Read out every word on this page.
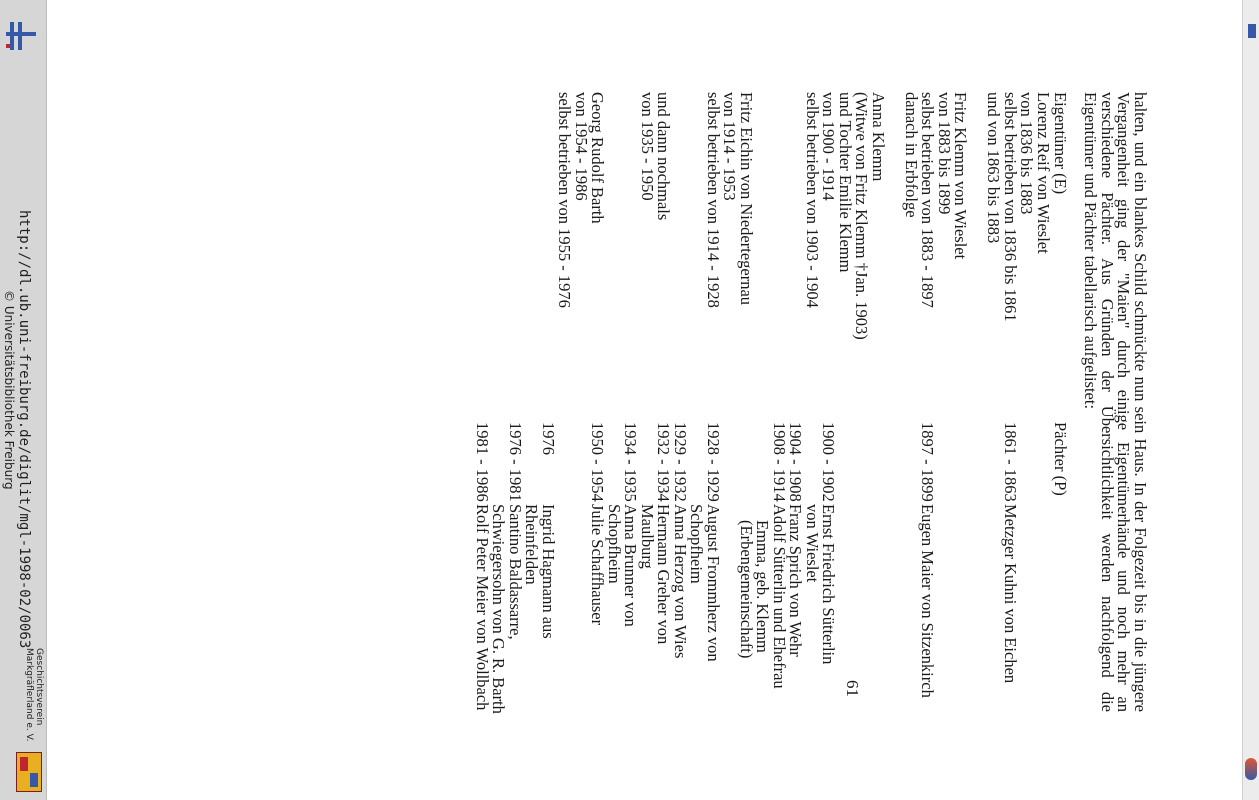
http://dl.ub.uni-freiburg.de/diglit/mgl-1998-02/0063
© Universitätsbibliothek Freiburg
Geschichtsverein
Markgräflerland e. V.	halten, und ein blankes Schild schmückte nun sein Haus. In der Folgezeit bis in die jüngere Vergangenheit ging der "Maien" durch einige Eigentümerhände und noch mehr an verschiedene Pächter. Aus Gründen der Übersichtlichkeit werden nachfolgend die Eigentümer und Pächter tabellarisch aufgelistet:

Eigentümer (E)
Pächter (P)
Lorenz Reif von Wieslet
von 1836 bis 1883
selbst betrieben von 1836 bis 1861
und von 1863 bis 1883
Fritz Klemm von Wieslet
von 1883 bis 1899
selbst betrieben von 1883 - 1897
danach in Erbfolge
Anna Klemm
(Witwe von Fritz Klemm †Jan. 1903)
und Tochter Emilie Klemm
von 1900 - 1914
selbst betrieben von 1903 - 1904
Fritz Eichin von Niedertegernau
von 1914 - 1953
selbst betrieben von 1914 - 1928
und dann nochmals
von 1935 - 1950
Georg Rudolf Barth
von 1954 - 1986
selbst betrieben von 1955 - 1976
1861 - 1863
Metzger Kuhni von Eichen
1897 - 1899
Eugen Maier von Sitzenkirch
1900 - 1902
Ernst Friedrich Sütterlin
von Wieslet
1904 - 1908
Franz Sprich von Wehr
1908 - 1914
Adolf Sütterlin und Ehefrau
Emma, geb. Klemm
(Erbengemeinschaft)
1928 - 1929
August Frommherz von
Schopfheim
1929 - 1932
Anna Herzog von Wies
1932 - 1934
Hermann Greher von
Maulburg
1934 - 1935
Anna Brunner von
Schopfheim
1950 - 1954
Julie Schaffhauser
1976
Ingrid Hagmann aus
Rheinfelden
1976 - 1981
Santino Baldassarre,
Schwiegersohn von G. R. Barth
1981 - 1986
Rolf Peter Meier von Wollbach	61
